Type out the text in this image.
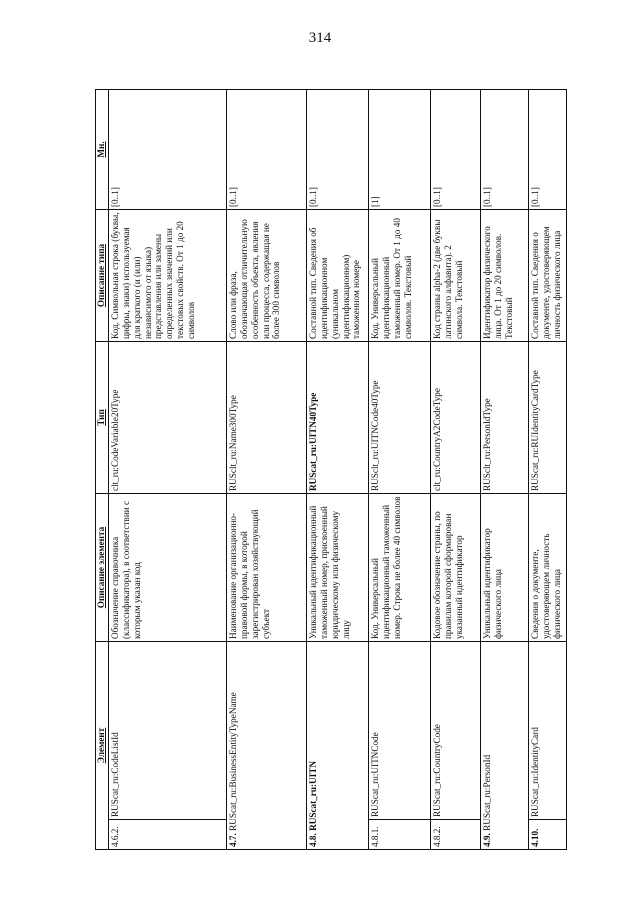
314
Элемент		Описание элемента	Тип	Описание типа	Мн.
4.6.2.	RUScat_ru:CodeListId	Обозначение справочника (классификатора), в соответствии с которым указан код	clt_ru:CodeVariable20Type	Код. Символьная строка (буквы, цифры, знаки) используемая для краткого (и (или) независимого от языка) представления или замены определенных значений или текстовых свойств. От 1 до 20 символов	[0..1]
4.7. RUScat_ru:BusinessEntityTypeName		Наименование организационно-правовой формы, в которой зарегистрирован хозяйствующий субъект	RUSclt_ru:Name300Type	Слово или фраза, обозначающая отличительную особенность объекта, явления или процесса, содержащая не более 300 символов	[0..1]
4.8. RUScat_ru:UITN		Уникальный идентификационный таможенный номер, присвоенный юридическому или физическому лицу	RUScat_ru:UITN40Type	Составной тип. Сведения об идентификационном (уникальном идентификационном) таможенном номере	[0..1]
4.8.1.	RUScat_ru:UITNCode	Код. Универсальный идентификационный таможенный номер. Строка не более 40 символов	RUSclt_ru:UITNCode40Type	Код. Универсальный идентификационный таможенный номер. От 1 до 40 символов. Текстовый	[1]
4.8.2.	RUScat_ru:CountryCode	Кодовое обозначение страны, по правилам которой сформирован указанный идентификатор	clt_ru:CountryA2CodeType	Код страны alpha-2 (две буквы латинского алфавита). 2 символа. Текстовый	[0..1]
4.9. RUScat_ru:PersonId		Уникальный идентификатор физического лица	RUSclt_ru:PersonIdType	Идентификатор физического лица. От 1 до 20 символов. Текстовый	[0..1]
4.10.	RUScat_ru:IdentityCard	Сведения о документе, удостоверяющем личность физического лица	RUScat_ru:RUIdentityCardType	Составной тип. Сведения о документе, удостоверяющем личность физического лица	[0..1]
